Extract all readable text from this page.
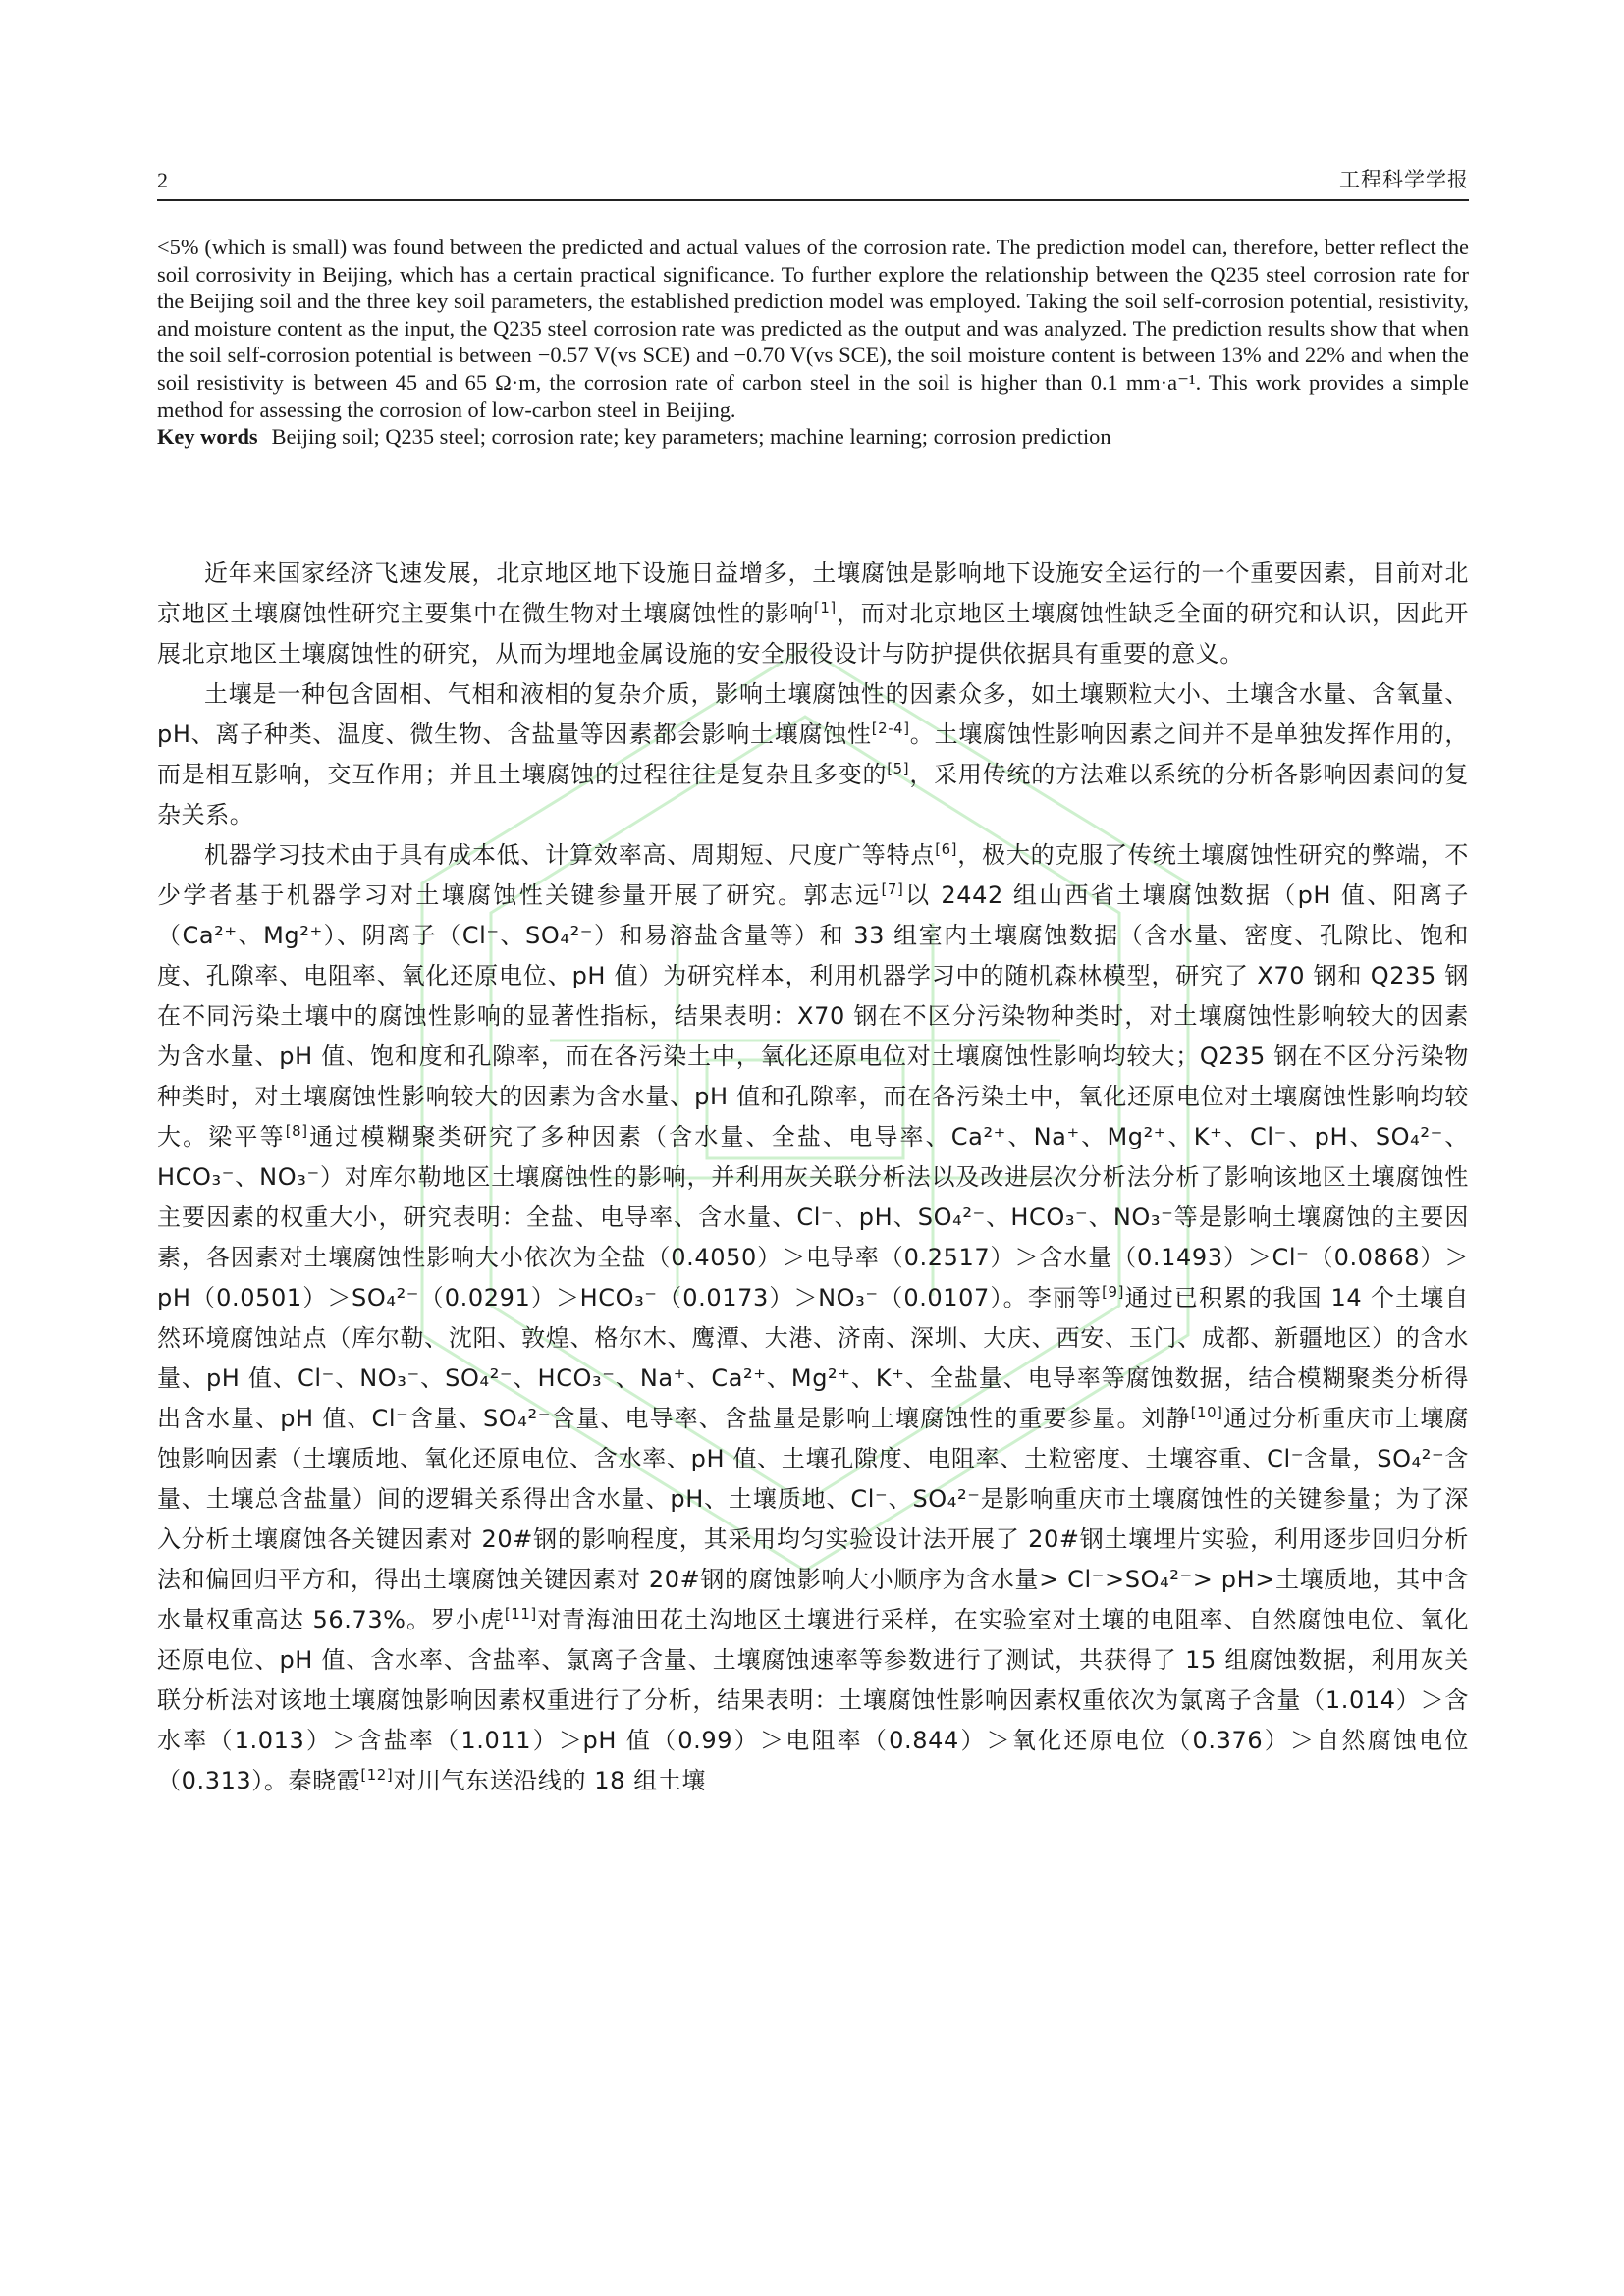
2	工程科学学报

<5% (which is small) was found between the predicted and actual values of the corrosion rate. The prediction model can, therefore, better reflect the soil corrosivity in Beijing, which has a certain practical significance. To further explore the relationship between the Q235 steel corrosion rate for the Beijing soil and the three key soil parameters, the established prediction model was employed. Taking the soil self-corrosion potential, resistivity, and moisture content as the input, the Q235 steel corrosion rate was predicted as the output and was analyzed. The prediction results show that when the soil self-corrosion potential is between −0.57 V(vs SCE) and −0.70 V(vs SCE), the soil moisture content is between 13% and 22% and when the soil resistivity is between 45 and 65 Ω·m, the corrosion rate of carbon steel in the soil is higher than 0.1 mm·a⁻¹. This work provides a simple method for assessing the corrosion of low-carbon steel in Beijing.

Key words Beijing soil; Q235 steel; corrosion rate; key parameters; machine learning; corrosion prediction

近年来国家经济飞速发展，北京地区地下设施日益增多，土壤腐蚀是影响地下设施安全运行的一个重要因素，目前对北京地区土壤腐蚀性研究主要集中在微生物对土壤腐蚀性的影响[1]，而对北京地区土壤腐蚀性缺乏全面的研究和认识，因此开展北京地区土壤腐蚀性的研究，从而为埋地金属设施的安全服役设计与防护提供依据具有重要的意义。

土壤是一种包含固相、气相和液相的复杂介质，影响土壤腐蚀性的因素众多，如土壤颗粒大小、土壤含水量、含氧量、pH、离子种类、温度、微生物、含盐量等因素都会影响土壤腐蚀性[2-4]。土壤腐蚀性影响因素之间并不是单独发挥作用的，而是相互影响，交互作用；并且土壤腐蚀的过程往往是复杂且多变的[5]，采用传统的方法难以系统的分析各影响因素间的复杂关系。

机器学习技术由于具有成本低、计算效率高、周期短、尺度广等特点[6]，极大的克服了传统土壤腐蚀性研究的弊端，不少学者基于机器学习对土壤腐蚀性关键参量开展了研究。郭志远[7]以 2442 组山西省土壤腐蚀数据（pH 值、阳离子（Ca²⁺、Mg²⁺）、阴离子（Cl⁻、SO₄²⁻）和易溶盐含量等）和 33 组室内土壤腐蚀数据（含水量、密度、孔隙比、饱和度、孔隙率、电阻率、氧化还原电位、pH 值）为研究样本，利用机器学习中的随机森林模型，研究了 X70 钢和 Q235 钢在不同污染土壤中的腐蚀性影响的显著性指标，结果表明：X70 钢在不区分污染物种类时，对土壤腐蚀性影响较大的因素为含水量、pH 值、饱和度和孔隙率，而在各污染土中，氧化还原电位对土壤腐蚀性影响均较大；Q235 钢在不区分污染物种类时，对土壤腐蚀性影响较大的因素为含水量、pH 值和孔隙率，而在各污染土中，氧化还原电位对土壤腐蚀性影响均较大。梁平等[8]通过模糊聚类研究了多种因素（含水量、全盐、电导率、Ca²⁺、Na⁺、Mg²⁺、K⁺、Cl⁻、pH、SO₄²⁻、HCO₃⁻、NO₃⁻）对库尔勒地区土壤腐蚀性的影响，并利用灰关联分析法以及改进层次分析法分析了影响该地区土壤腐蚀性主要因素的权重大小，研究表明：全盐、电导率、含水量、Cl⁻、pH、SO₄²⁻、HCO₃⁻、NO₃⁻等是影响土壤腐蚀的主要因素，各因素对土壤腐蚀性影响大小依次为全盐（0.4050）＞电导率（0.2517）＞含水量（0.1493）＞Cl⁻（0.0868）＞pH（0.0501）＞SO₄²⁻（0.0291）＞HCO₃⁻（0.0173）＞NO₃⁻（0.0107）。李丽等[9]通过已积累的我国 14 个土壤自然环境腐蚀站点（库尔勒、沈阳、敦煌、格尔木、鹰潭、大港、济南、深圳、大庆、西安、玉门、成都、新疆地区）的含水量、pH 值、Cl⁻、NO₃⁻、SO₄²⁻、HCO₃⁻、Na⁺、Ca²⁺、Mg²⁺、K⁺、全盐量、电导率等腐蚀数据，结合模糊聚类分析得出含水量、pH 值、Cl⁻含量、SO₄²⁻含量、电导率、含盐量是影响土壤腐蚀性的重要参量。刘静[10]通过分析重庆市土壤腐蚀影响因素（土壤质地、氧化还原电位、含水率、pH 值、土壤孔隙度、电阻率、土粒密度、土壤容重、Cl⁻含量，SO₄²⁻含量、土壤总含盐量）间的逻辑关系得出含水量、pH、土壤质地、Cl⁻、SO₄²⁻是影响重庆市土壤腐蚀性的关键参量；为了深入分析土壤腐蚀各关键因素对 20#钢的影响程度，其采用均匀实验设计法开展了 20#钢土壤埋片实验，利用逐步回归分析法和偏回归平方和，得出土壤腐蚀关键因素对 20#钢的腐蚀影响大小顺序为含水量> Cl⁻>SO₄²⁻> pH>土壤质地，其中含水量权重高达 56.73%。罗小虎[11]对青海油田花土沟地区土壤进行采样，在实验室对土壤的电阻率、自然腐蚀电位、氧化还原电位、pH 值、含水率、含盐率、氯离子含量、土壤腐蚀速率等参数进行了测试，共获得了 15 组腐蚀数据，利用灰关联分析法对该地土壤腐蚀影响因素权重进行了分析，结果表明：土壤腐蚀性影响因素权重依次为氯离子含量（1.014）＞含水率（1.013）＞含盐率（1.011）＞pH 值（0.99）＞电阻率（0.844）＞氧化还原电位（0.376）＞自然腐蚀电位（0.313）。秦晓霞[12]对川气东送沿线的 18 组土壤
